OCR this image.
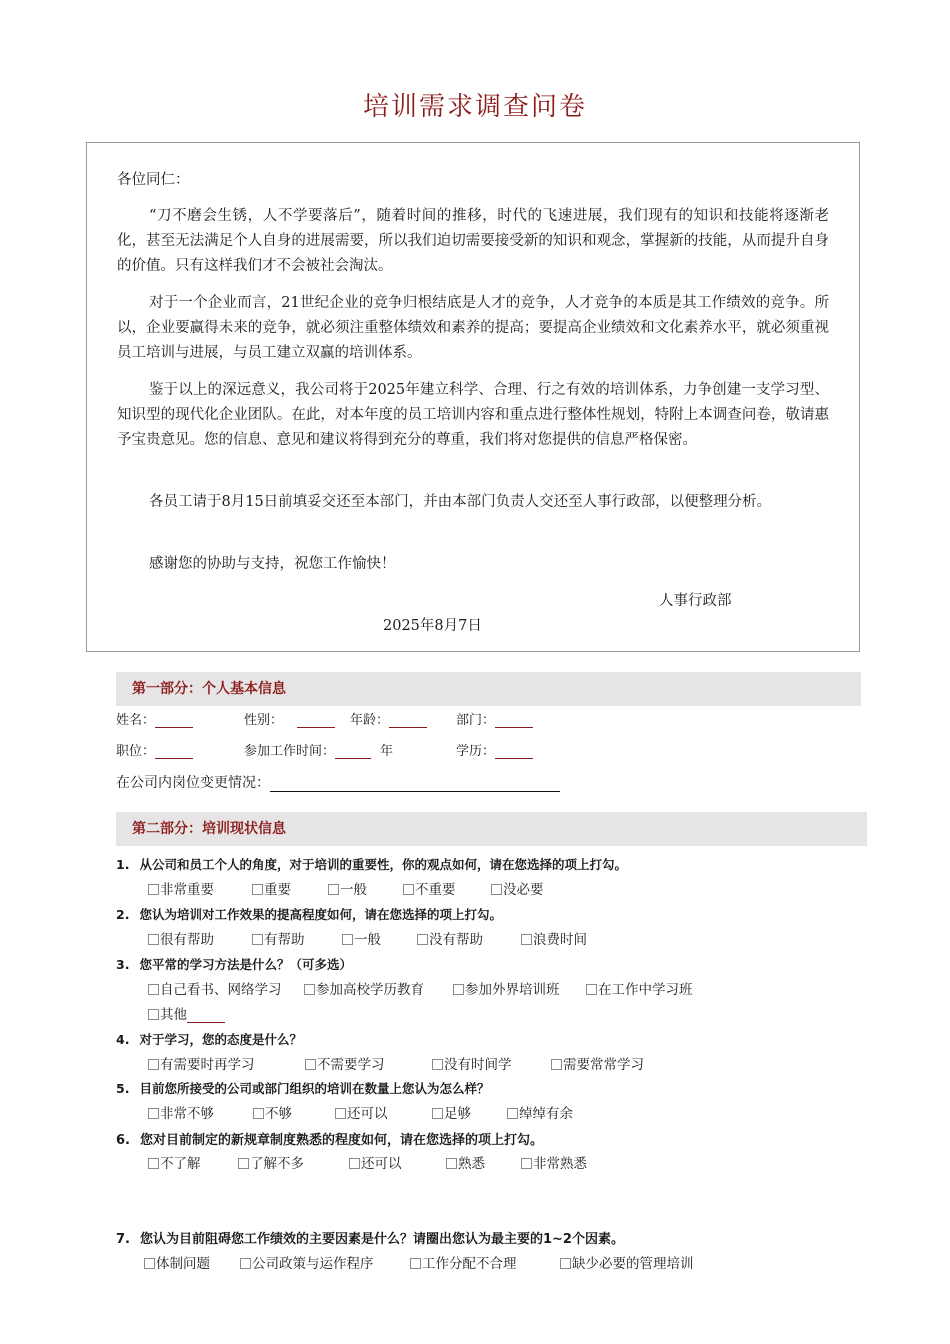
培训需求调查问卷

各位同仁：

“刀不磨会生锈，人不学要落后”，随着时间的推移，时代的飞速进展，我们现有的知识和技能将逐渐老化，甚至无法满足个人自身的进展需要，所以我们迫切需要接受新的知识和观念，掌握新的技能，从而提升自身的价值。只有这样我们才不会被社会淘汰。

对于一个企业而言，21世纪企业的竞争归根结底是人才的竞争，人才竞争的本质是其工作绩效的竞争。所以，企业要赢得未来的竞争，就必须注重整体绩效和素养的提高；要提高企业绩效和文化素养水平，就必须重视员工培训与进展，与员工建立双赢的培训体系。

鉴于以上的深远意义，我公司将于2025年建立科学、合理、行之有效的培训体系，力争创建一支学习型、知识型的现代化企业团队。在此，对本年度的员工培训内容和重点进行整体性规划，特附上本调查问卷，敬请惠予宝贵意见。您的信息、意见和建议将得到充分的尊重，我们将对您提供的信息严格保密。

各员工请于8月15日前填妥交还至本部门，并由本部门负责人交还至人事行政部，以便整理分析。

感谢您的协助与支持，祝您工作愉快！

人事行政部

2025年8月7日

第一部分：个人基本信息
姓名：	性别：	年龄：	部门：
职位：	参加工作时间：	年	学历：
在公司内岗位变更情况：
第二部分：培训现状信息
1. 从公司和员工个人的角度，对于培训的重要性，你的观点如何，请在您选择的项上打勾。
非常重要	重要	一般	不重要	没必要
2. 您认为培训对工作效果的提高程度如何，请在您选择的项上打勾。
很有帮助	有帮助	一般	没有帮助	浪费时间
3. 您平常的学习方法是什么？（可多选）
自己看书、网络学习	参加高校学历教育	参加外界培训班	在工作中学习班
其他
4. 对于学习，您的态度是什么？
有需要时再学习	不需要学习	没有时间学	需要常常学习
5. 目前您所接受的公司或部门组织的培训在数量上您认为怎么样？
非常不够	不够	还可以	足够	绰绰有余
6. 您对目前制定的新规章制度熟悉的程度如何，请在您选择的项上打勾。
不了解	了解不多	还可以	熟悉	非常熟悉
7. 您认为目前阻碍您工作绩效的主要因素是什么？请圈出您认为最主要的1~2个因素。
体制问题	公司政策与运作程序	工作分配不合理	缺少必要的管理培训
